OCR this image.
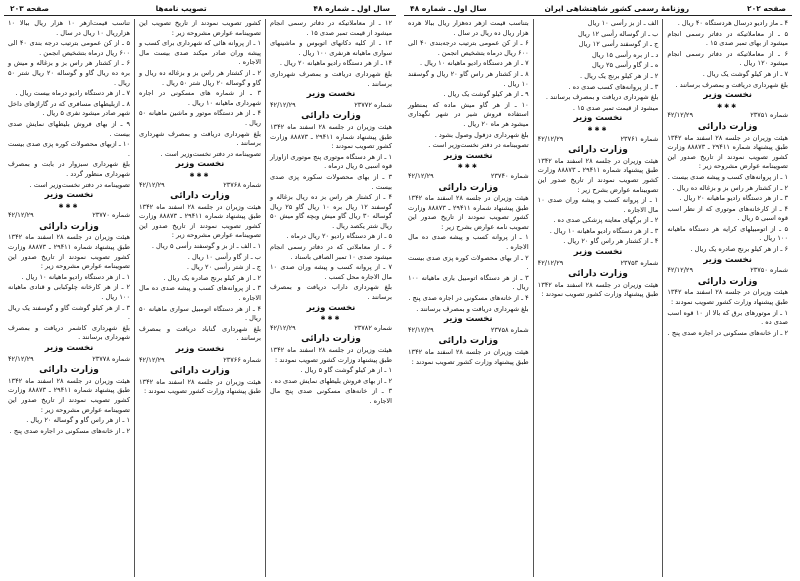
سال اول ـ شماره ۴۸
تصویب نامه‌ها
صفحه ۲۰۳

۱۲ ـ از معاملاتیکه در دفاتر رسمی انجام میشود از قیمت تمبر صدی ۱۵ .

۱۳ ـ از کلیه دکانهای اتوبوس و ماشینهای سواری ماهیانه هرنفری ۱۰۰ ریال .

۱۴ ـ از هر دستگاه رادیو ماهیانه ۲۰ ریال .

بلغ شهرداری دریافت و بمصرف شهرداری برسانند .

نخست وزیر
شماره ۲۳۷۷۲
۴۲/۱۲/۲۹
وزارت دارائی

هیئت وزیران در جلسه ۲۸ اسفند ماه ۱۳۴۲ طبق پیشنهاد شماره ۲۹۴۱۱ ـ ۸۸۸۷۳ وزارت کشور تصویب نمودند :

۱ ـ از هر دستگاه موتوری پنج موتوری ازاوزار قوه اسبی ۵ ریال درماه .

۳ ـ از بهای محصولات سکوره پزی صدی بیست .

۴ ـ از کشتار هر راس بز ده ریال بزغاله و گوسفند ۱۲ ریال بره ۱۰ ریال گاو ۲۵ ریال گوساله ۳۰ ریال گاو میش وبچه گاو میش ۵۰ ریال شتر یکصد ریال .

۵ ـ از هر دستگاه رادیو ۲۰ ریال درماه .

۶ ـ از معاملاتی که در دفاتر رسمی انجام میشود صدی ۱۰ تمبر الصاقی باسناد .

۷ ـ از پروانه کسب و پیشه وران صدی ۱۰ مال الاجاره محل کسب .

بلغ شهرداری داراب دریافت و بمصرف برسانند .

نخست وزیر
✱✱✱
شماره ۲۳۷۸۲
۴۲/۱۲/۲۹
وزارت دارائی

هیئت وزیران در جلسه ۲۸ اسفند ماه ۱۳۴۲ طبق پیشنهاد وزارت کشور تصویب نمودند :

۱ ـ از هر کیلو گوشت گاو ۵ ریال .

۲ ـ از بهای فروش بلیطهای نمایش صدی ده .

۳ ـ از خانه‌های مسکونی صدی پنج مال الاجاره .

کشور تصویب نمودند از تاریخ تصویب این تصویبنامه عوارض مشروحه زیر :

۱ ـ از پروانه هائی که شهرداری برای کسب و پیشه وران صادر میکند صدی بیست مال الاجاره .

۲ ـ از کشتار هر راس بز و بزغاله ده ریال و گاو و گوساله ۲۰ ریال شتر ۵۰ ریال .

۳ ـ از شماره های مسکونی در اجاره شهرداری ماهیانه ۱۰ ریال .

۴ ـ از هر دستگاه موتور و ماشین ماهیانه ۵۰ ریال .

بلغ شهرداری دریافت و بمصرف شهرداری برسانند .

تصویبنامه در دفتر نخست‌وزیر است .

نخست وزیر
✱✱✱
شماره ۲۳۷۶۸
۴۲/۱۲/۲۹
وزارت دارائی

هیئت وزیران در جلسه ۲۸ اسفند ماه ۱۳۴۲ طبق پیشنهاد شماره ۲۹۴۱۱ ـ ۸۸۸۷۳ وزارت کشور تصویب نمودند از تاریخ صدور این تصویبنامه عوارض مشروحه زیر :

۱ ـ الف ـ از بز و گوسفند رأسی ۵ ریال .

ب ـ از گاو رأسی ۱۰ ریال .

ج ـ از شتر رأسی ۲۰ ریال .

۲ ـ از هر کیلو برنج صادره یک ریال .

۳ ـ از پروانه‌های کسب و پیشه صدی ده مال الاجاره .

۴ ـ از هر دستگاه اتومبیل سواری ماهیانه ۵۰ ریال .

بلغ شهرداری گناباد دریافت و بمصرف برسانند .

نخست وزیر
شماره ۲۳۷۶۶
۴۲/۱۲/۲۹
وزارت دارائی

هیئت وزیران در جلسه ۲۸ اسفند ماه ۱۳۴۲ طبق پیشنهاد وزارت کشور تصویب نمودند :

تناسب قیمت‌ازهر ۱۰ هزار ریال ببالا ۱۰ هزارریال ۱۰ ریال در سال .

۵ ـ از کن عمومی بترتیب درجه بندی ۴۰ الی ۶۰۰ ریال درماه بتشخیص انجمن .

۶ ـ از کشتار هر راس بز و بزغاله و میش و بره ده ریال گاو و گوساله ۲۰ ریال شتر ۵۰ ریال .

۷ ـ از هر دستگاه رادیو درماه بیست ریال .

۸ ـ ازبلیطهای مسافری که در گاراژهای داخل شهر صادر میشود نفری ۵ ریال .

۹ ـ از بهای فروش بلیطهای نمایش صدی بیست .

۱۰ ـ ازبهای محصولات کوره پزی صدی بیست .

بلغ شهرداری سبزوار در بابت و بمصرف شهرداری منظور گردد .

تصویبنامه در دفتر نخست‌وزیر است .

نخست وزیر
✱✱✱
شماره ۲۳۷۷۰
۴۲/۱۲/۲۹
وزارت دارائی

هیئت وزیران در جلسه ۲۸ اسفند ماه ۱۳۴۲ طبق پیشنهاد شماره ۲۹۴۱۱ ـ ۸۸۸۷۳ وزارت کشور تصویب نمودند از تاریخ صدور این تصویبنامه عوارض مشروحه زیر :

۱ ـ از هر دستگاه رادیو ماهیانه ۱۰ ریال .

۲ ـ از هر کارخانه چلوکبابی و قنادی ماهیانه ۱۰۰ ریال .

۳ ـ از هر کیلو گوشت گاو و گوسفند یک ریال .

بلغ شهرداری کاشمر دریافت و بمصرف شهرداری برسانند .

نخست وزیر
شماره ۲۳۷۷۸
۴۲/۱۲/۲۹
وزارت دارائی

هیئت وزیران در جلسه ۲۸ اسفند ماه ۱۳۴۲ طبق پیشنهاد شماره ۲۹۴۱۱ ـ ۸۸۸۷۳ وزارت کشور تصویب نمودند از تاریخ صدور این تصویبنامه عوارض مشروحه زیر :

۱ ـ از هر راس گاو و گوساله ۲۰ ریال .

۲ ـ از خانه‌های مسکونی در اجاره صدی پنج .

صفحه ۲۰۲
روزنامهٔ رسمی کشور شاهنشاهی ایران
سال اول ـ شماره ۴۸

۴ ـ ماز رادیو درسال هردستگاه ۴۰ ریال .

۵ ـ از معاملاتیکه در دفاتر رسمی انجام میشود از بهای تمبر صدی ۱۵ .

۶ ـ از معاملاتیکه در دفاتر رسمی انجام میشود ۱۲۰ ریال .

۷ ـ از هر کیلو گوشت یک ریال .

بلغ شهرداری دریافت و بمصرف برسانند .

نخست وزیر
✱✱✱
شماره ۲۳۷۵۱
۴۲/۱۲/۲۹
وزارت دارائی

هیئت وزیران در جلسه ۲۸ اسفند ماه ۱۳۴۲ طبق پیشنهاد شماره ۲۹۴۱۱ ـ ۸۸۸۷۳ وزارت کشور تصویب نمودند از تاریخ صدور این تصویبنامه عوارض مشروحه زیر :

۱ ـ از پروانه‌های کسب و پیشه صدی بیست .

۲ ـ از کشتار هر راس بز و بزغاله ده ریال .

۳ ـ از هر دستگاه رادیو ماهیانه ۲۰ ریال .

۴ ـ از کارخانه‌های موتوری که از نظر اسب قوه اسبی ۵ ریال .

۵ ـ از اتومبیلهای کرایه هر دستگاه ماهیانه ۱۰۰ ریال .

۶ ـ از هر کیلو برنج صادره یک ریال .

نخست وزیر
شماره ۲۳۷۵۰
۴۲/۱۲/۲۹
وزارت دارائی

هیئت وزیران در جلسه ۲۸ اسفند ماه ۱۳۴۲ طبق پیشنهاد وزارت کشور تصویب نمودند :

۱ ـ از موتورهای برق که بالا از ۱۰ قوه اسب صدی ده .

۲ ـ از خانه‌های مسکونی در اجاره صدی پنج .

الف ـ از بز رأسی ۱۰ ریال

ب ـ از گوساله رأسی ۱۲ ریال

ج ـ از گوسفند رأسی ۱۲ ریال

د ـ از بره رأسی ۱۵ ریال

ه ـ از گاو رأسی ۲۵ ریال

۲ ـ از هر کیلو برنج یک ریال .

۳ ـ از پروانه‌های کسب صدی ده .

بلغ شهرداری دریافت و بمصرف برسانند .

میشود از قیمت تمبر صدی ۱۵ .

نخست وزیر
✱✱✱
شماره ۲۳۷۶۱
۴۲/۱۲/۲۹
وزارت دارائی

هیئت وزیران در جلسه ۲۸ اسفند ماه ۱۳۴۲ طبق پیشنهاد شماره ۲۹۴۱۱ ـ ۸۸۸۷۳ وزارت کشور تصویب نمودند از تاریخ صدور این تصویبنامه عوارض بشرح زیر :

۱ ـ از پروانه کسب و پیشه وران صدی ۱۰ مال الاجاره .

۲ ـ از برگهای معاینه پزشکی صدی ده .

۳ ـ از هر دستگاه رادیو ماهیانه ۱۰ ریال .

۴ ـ از کشتار هر راس گاو ۲۰ ریال .

نخست وزیر
شماره ۲۳۷۵۳
۴۲/۱۲/۲۹
وزارت دارائی

هیئت وزیران در جلسه ۲۸ اسفند ماه ۱۳۴۲ طبق پیشنهاد وزارت کشور تصویب نمودند :

بتناسب قیمت ازهر ده‌هزار ریال ببالا هرده هزار ریال ده ریال در سال .

۶ ـ از کن عمومی بترتیب درجه‌بندی ۴۰ الی ۶۰۰ ریال درماه بتشخیص انجمن .

۷ ـ از هر دستگاه رادیو ماهیانه ۱۰ ریال .

۸ ـ از کشتار هر راس گاو ۲۰ ریال و گوسفند ۱۰ ریال .

۹ ـ از هر کیلو گوشت یک ریال .

۱۰ ـ از هر گاو میش ماده که بمنظور استفاده فروش شیر در شهر نگهداری میشود هر ماه ۲۰ ریال .

بلغ شهرداری دزفول وصول بشود .

تصویبنامه در دفتر نخست‌وزیر است .

نخست وزیر
✱✱✱
شماره ۲۳۷۴۰
۴۲/۱۲/۲۹
وزارت دارائی

هیئت وزیران در جلسه ۲۸ اسفند ماه ۱۳۴۲ طبق پیشنهاد شماره ۲۹۴۱۱ ـ ۸۸۸۷۳ وزارت کشور تصویب نمودند از تاریخ صدور این تصویب نامه عوارض بشرح زیر :

۱ ـ از پروانه کسب و پیشه صدی ده مال الاجاره .

۲ ـ از بهای محصولات کوره پزی صدی بیست .

۳ ـ از هر دستگاه اتومبیل باری ماهیانه ۱۰۰ ریال .

۴ ـ از خانه‌های مسکونی در اجاره صدی پنج .

بلغ شهرداری دریافت و بمصرف برسانند .

نخست وزیر
شماره ۲۳۷۵۸
۴۲/۱۲/۲۹
وزارت دارائی

هیئت وزیران در جلسه ۲۸ اسفند ماه ۱۳۴۲ طبق پیشنهاد وزارت کشور تصویب نمودند :
